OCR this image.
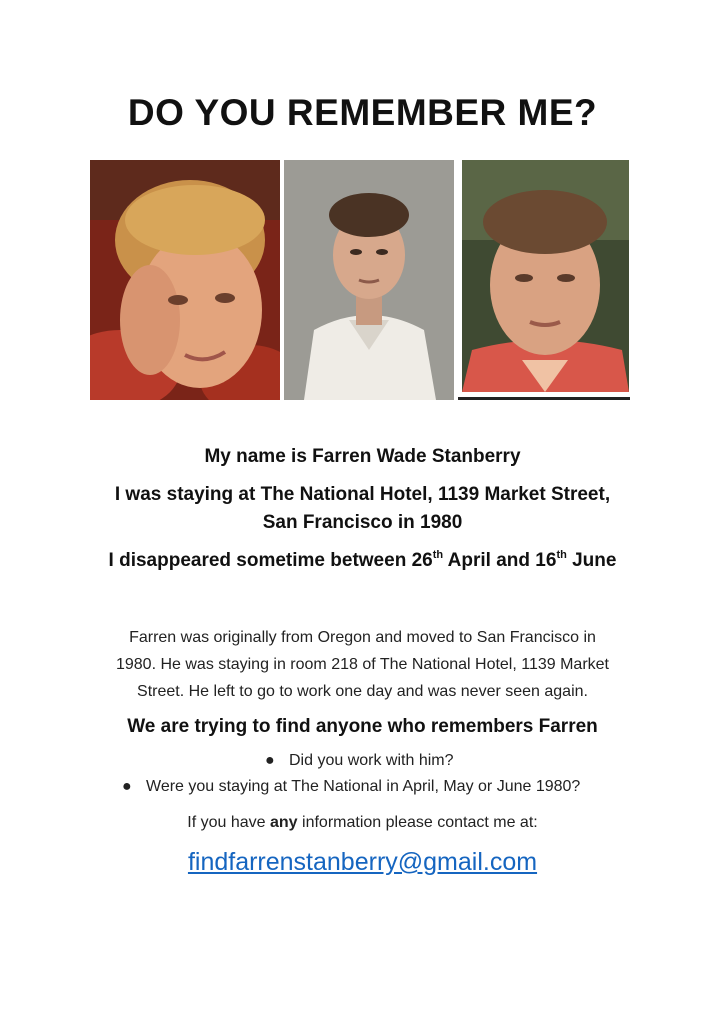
DO YOU REMEMBER ME?
My name is Farren Wade Stanberry
I was staying at The National Hotel, 1139 Market Street,
San Francisco in 1980
I disappeared sometime between 26th April and 16th June
Farren was originally from Oregon and moved to San Francisco in
1980. He was staying in room 218 of The National Hotel, 1139 Market
Street. He left to go to work one day and was never seen again.
We are trying to find anyone who remembers Farren
● Did you work with him?
● Were you staying at The National in April, May or June 1980?
If you have any information please contact me at:
findfarrenstanberry@gmail.com
